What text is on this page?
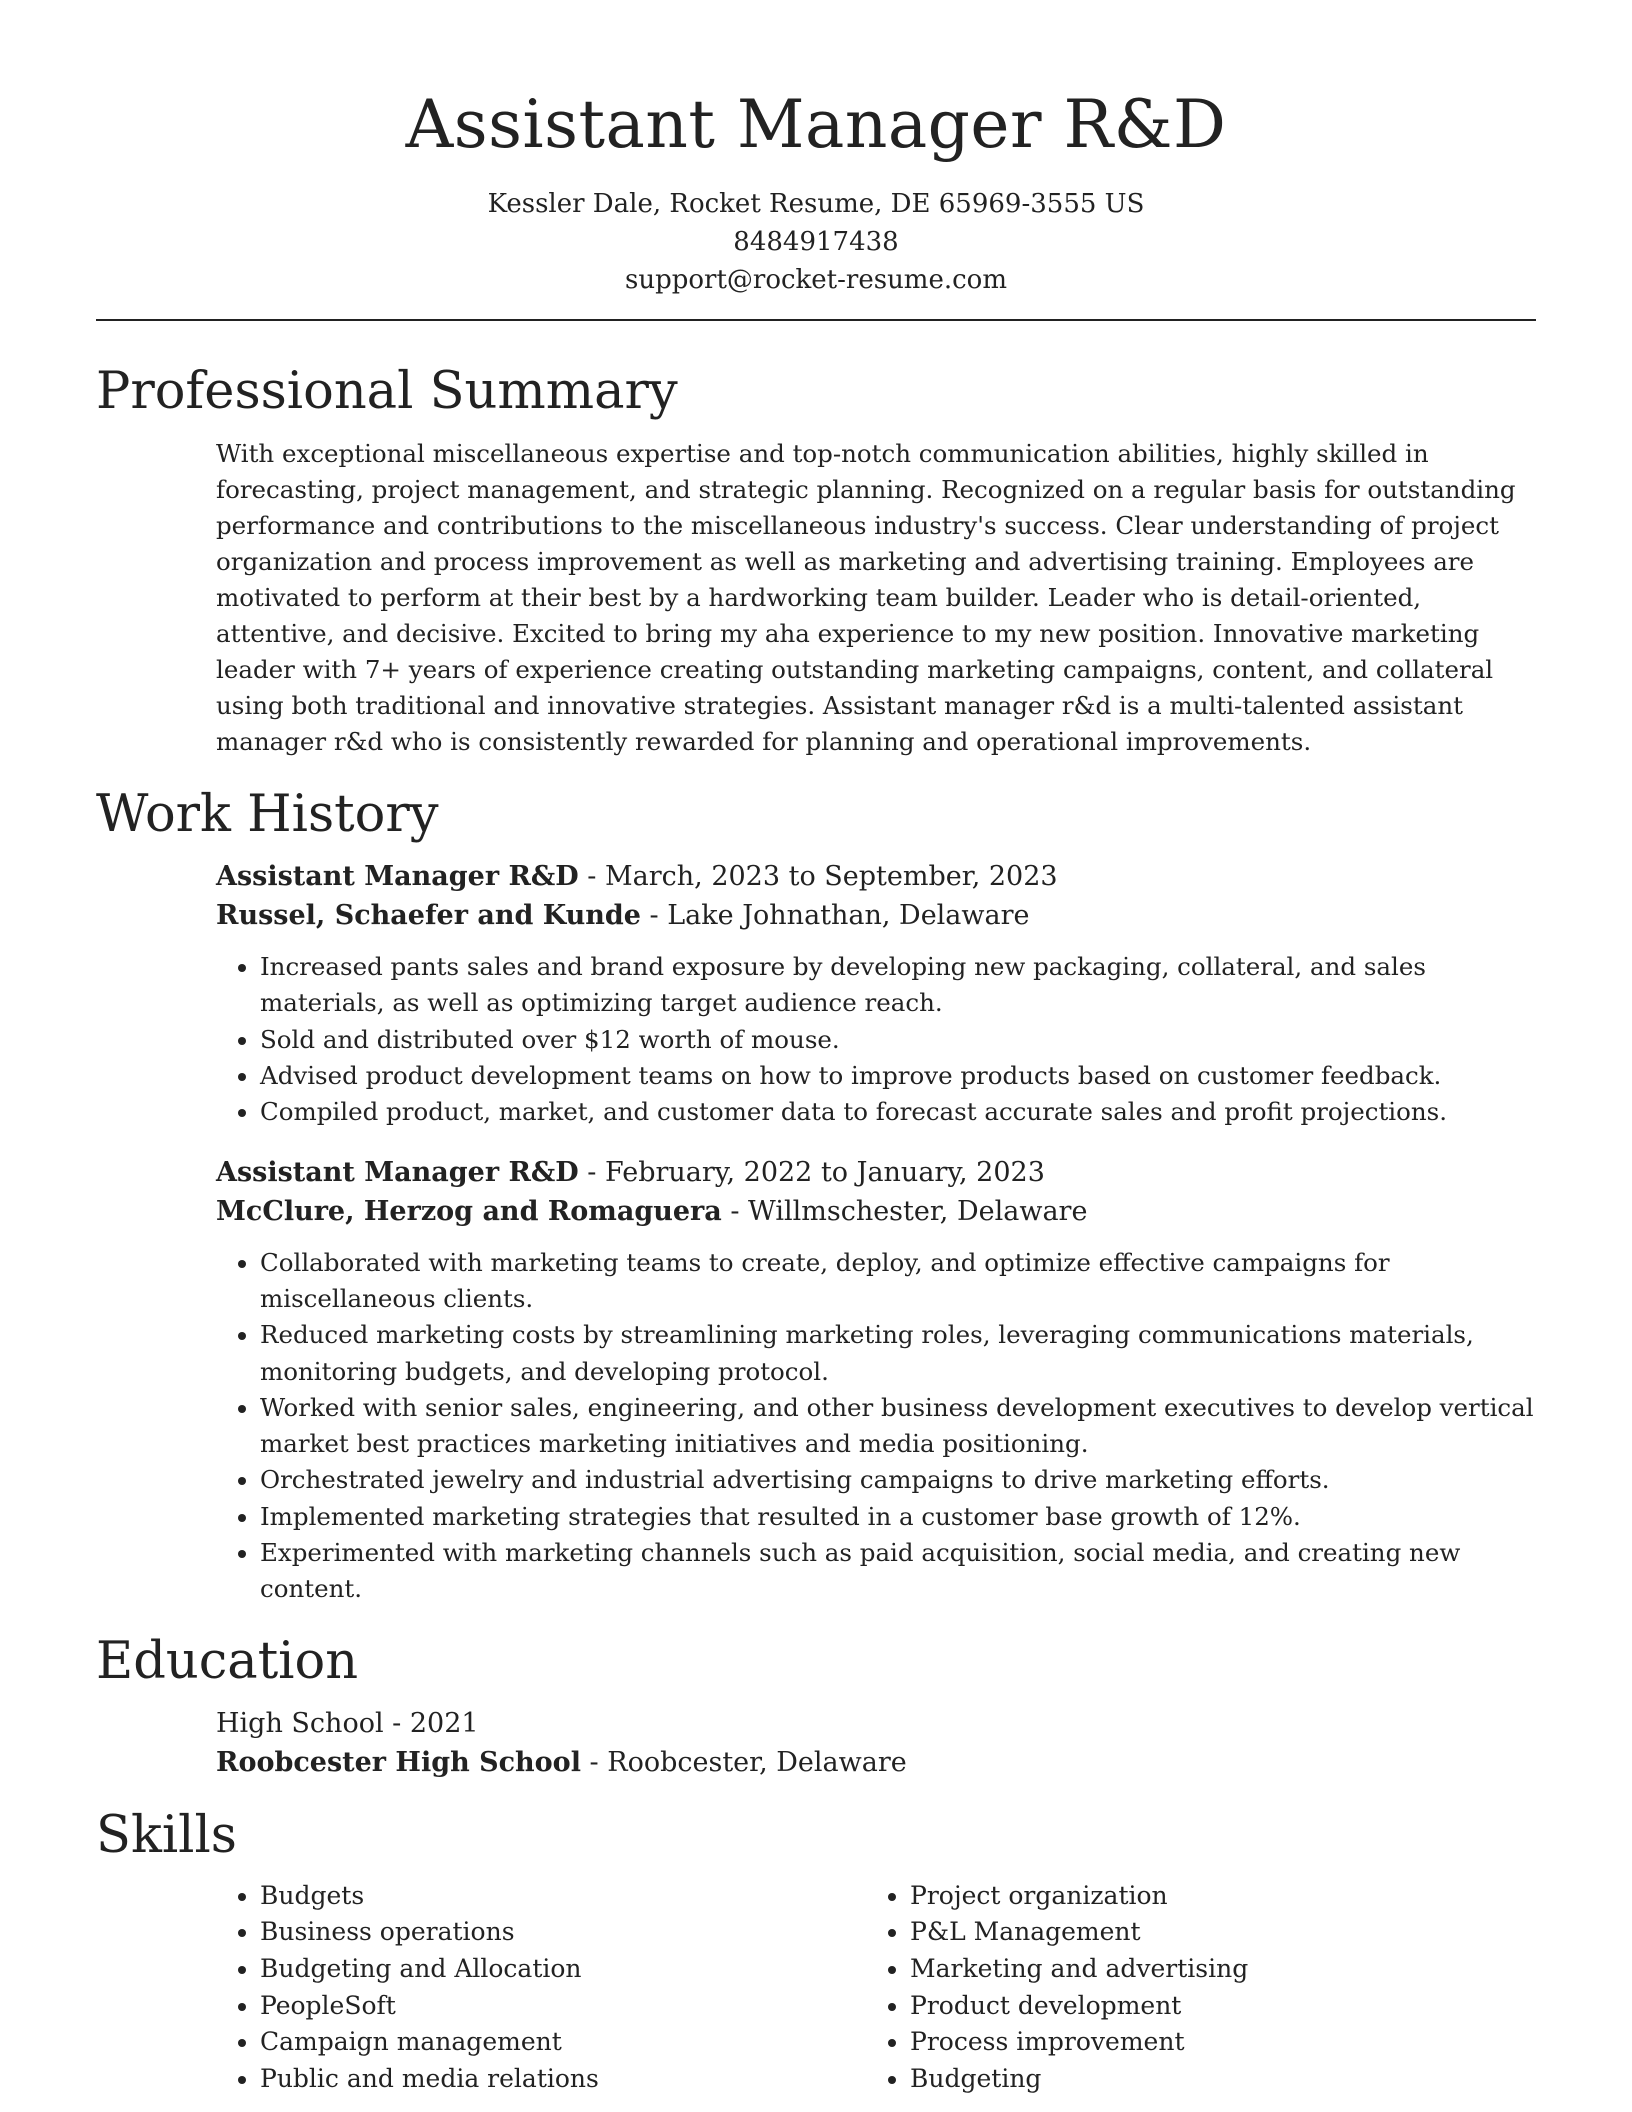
Assistant Manager R&D
Kessler Dale, Rocket Resume, DE 65969-3555 US
8484917438
support@rocket-resume.com
Professional Summary

With exceptional miscellaneous expertise and top-notch communication abilities, highly skilled in forecasting, project management, and strategic planning. Recognized on a regular basis for outstanding performance and contributions to the miscellaneous industry's success. Clear understanding of project organization and process improvement as well as marketing and advertising training. Employees are motivated to perform at their best by a hardworking team builder. Leader who is detail-oriented, attentive, and decisive. Excited to bring my aha experience to my new position. Innovative marketing leader with 7+ years of experience creating outstanding marketing campaigns, content, and collateral using both traditional and innovative strategies. Assistant manager r&d is a multi-talented assistant manager r&d who is consistently rewarded for planning and operational improvements.

Work History
Assistant Manager R&D - March, 2023 to September, 2023
Russel, Schaefer and Kunde - Lake Johnathan, Delaware
• Increased pants sales and brand exposure by developing new packaging, collateral, and sales materials, as well as optimizing target audience reach.
• Sold and distributed over $12 worth of mouse.
• Advised product development teams on how to improve products based on customer feedback.
• Compiled product, market, and customer data to forecast accurate sales and profit projections.
Assistant Manager R&D - February, 2022 to January, 2023
McClure, Herzog and Romaguera - Willmschester, Delaware
• Collaborated with marketing teams to create, deploy, and optimize effective campaigns for miscellaneous clients.
• Reduced marketing costs by streamlining marketing roles, leveraging communications materials, monitoring budgets, and developing protocol.
• Worked with senior sales, engineering, and other business development executives to develop vertical market best practices marketing initiatives and media positioning.
• Orchestrated jewelry and industrial advertising campaigns to drive marketing efforts.
• Implemented marketing strategies that resulted in a customer base growth of 12%.
• Experimented with marketing channels such as paid acquisition, social media, and creating new content.
Education
High School - 2021
Roobcester High School - Roobcester, Delaware
Skills
• Budgets
• Business operations
• Budgeting and Allocation
• PeopleSoft
• Campaign management
• Public and media relations
• Project organization
• P&L Management
• Marketing and advertising
• Product development
• Process improvement
• Budgeting
